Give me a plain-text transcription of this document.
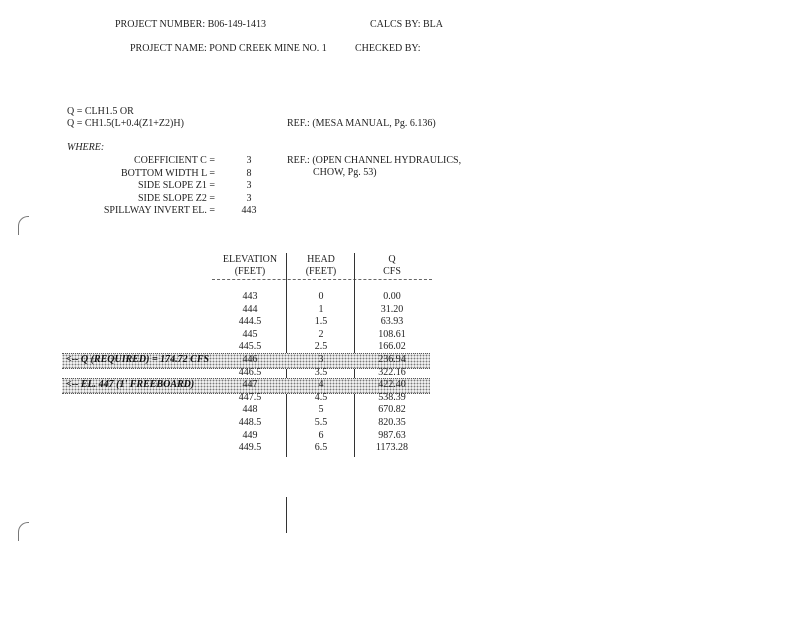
PROJECT NUMBER: B06-149-1413	CALCS BY: BLA
PROJECT NAME: POND CREEK MINE NO. 1	CHECKED BY:
Q = CLH1.5 OR
Q = CH1.5(L+0.4(Z1+Z2)H)	REF.: (MESA MANUAL, Pg. 6.136)
WHERE:
COEFFICIENT C =	3
BOTTOM WIDTH L =	8
SIDE SLOPE Z1 =	3
SIDE SLOPE Z2 =	3
SPILLWAY INVERT EL. =	443
REF.: (OPEN CHANNEL HYDRAULICS,
CHOW, Pg. 53)
ELEVATION
(FEET)
HEAD
(FEET)
Q
CFS
443	0	0.00
444	1	31.20
444.5	1.5	63.93
445	2	108.61
445.5	2.5	166.02
<-- Q (REQUIRED) = 174.72 CFS	446	3	236.94
446.5	3.5	322.16
<-- EL. 447 (1' FREEBOARD)	447	4	422.40
447.5	4.5	538.39
448	5	670.82
448.5	5.5	820.35
449	6	987.63
449.5	6.5	1173.28
